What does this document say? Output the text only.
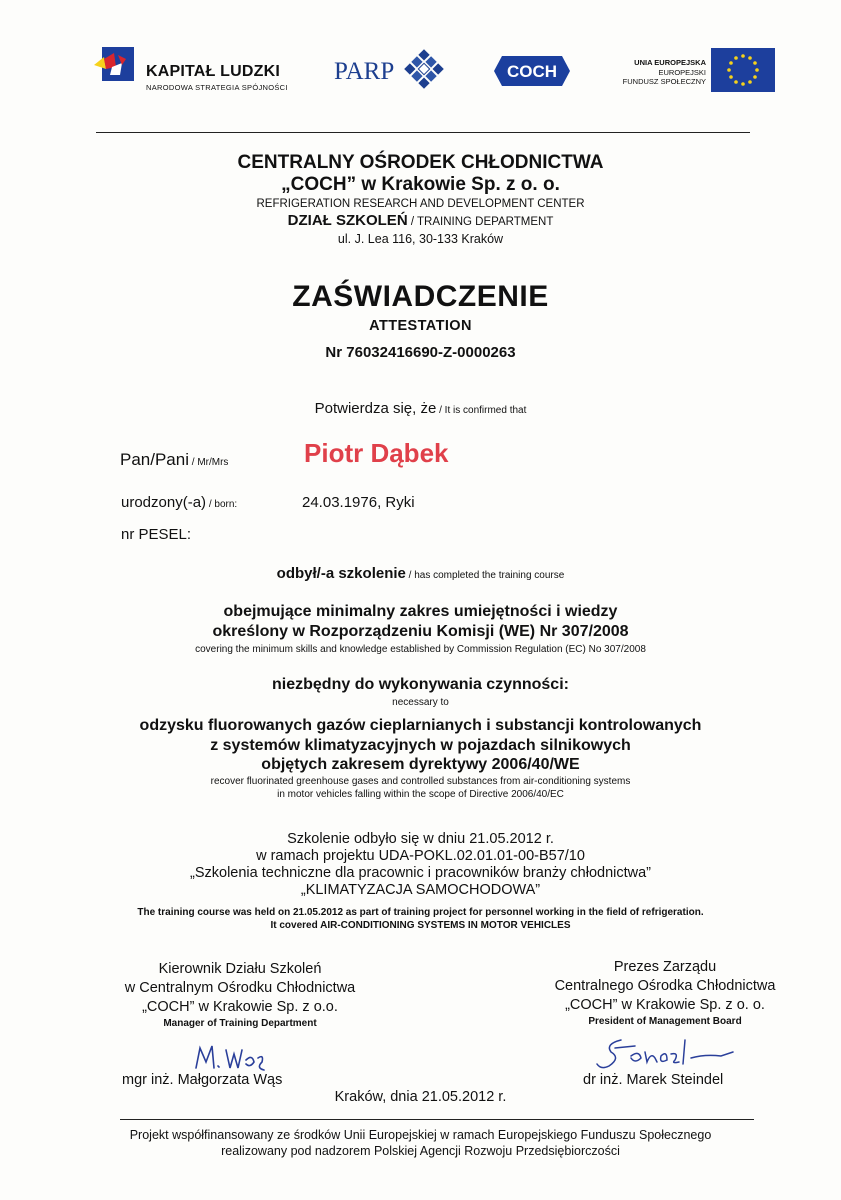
KAPITAŁ LUDZKI
NARODOWA STRATEGIA SPÓJNOŚCI
PARP	COCH	UNIA EUROPEJSKA
EUROPEJSKI
FUNDUSZ SPOŁECZNY
CENTRALNY OŚRODEK CHŁODNICTWA
„COCH” w Krakowie Sp. z o. o.
REFRIGERATION RESEARCH AND DEVELOPMENT CENTER
DZIAŁ SZKOLEŃ / TRAINING DEPARTMENT
ul. J. Lea 116, 30-133 Kraków
ZAŚWIADCZENIE
ATTESTATION
Nr 76032416690-Z-0000263
Potwierdza się, że / It is confirmed that
Pan/Pani / Mr/Mrs	Piotr Dąbek
urodzony(-a) / born:	24.03.1976, Ryki
nr PESEL:
odbył/-a szkolenie / has completed the training course
obejmujące minimalny zakres umiejętności i wiedzy
określony w Rozporządzeniu Komisji (WE) Nr 307/2008
covering the minimum skills and knowledge established by Commission Regulation (EC) No 307/2008
niezbędny do wykonywania czynności:
necessary to
odzysku fluorowanych gazów cieplarnianych i substancji kontrolowanych
z systemów klimatyzacyjnych w pojazdach silnikowych
objętych zakresem dyrektywy 2006/40/WE
recover fluorinated greenhouse gases and controlled substances from air-conditioning systems
in motor vehicles falling within the scope of Directive 2006/40/EC
Szkolenie odbyło się w dniu 21.05.2012 r.
w ramach projektu UDA-POKL.02.01.01-00-B57/10
„Szkolenia techniczne dla pracownic i pracowników branży chłodnictwa”
„KLIMATYZACJA SAMOCHODOWA”
The training course was held on 21.05.2012 as part of training project for personnel working in the field of refrigeration.
It covered AIR-CONDITIONING SYSTEMS IN MOTOR VEHICLES
Kierownik Działu Szkoleń
w Centralnym Ośrodku Chłodnictwa
„COCH” w Krakowie Sp. z o.o.
Manager of Training Department
Prezes Zarządu
Centralnego Ośrodka Chłodnictwa
„COCH” w Krakowie Sp. z o. o.
President of Management Board
mgr inż. Małgorzata Wąs	dr inż. Marek Steindel
Kraków, dnia 21.05.2012 r.
Projekt współfinansowany ze środków Unii Europejskiej w ramach Europejskiego Funduszu Społecznego
realizowany pod nadzorem Polskiej Agencji Rozwoju Przedsiębiorczości
